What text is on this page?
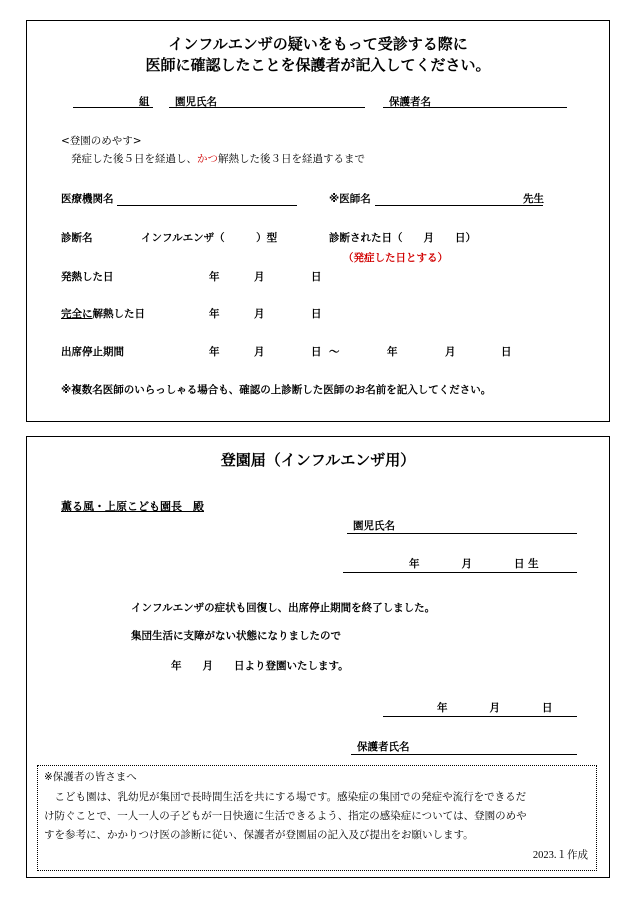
インフルエンザの疑いをもって受診する際に
医師に確認したことを保護者が記入してください。
組 園児氏名	保護者名
<登園のめやす>
発症した後５日を経過し、かつ解熱した後３日を経過するまで
医療機関名	※医師名	先生
診断名	インフルエンザ（　　　）型	診断された日（　　月　　日）
（発症した日とする）
発熱した日	年	月	日
完全に解熱した日	年	月	日
出席停止期間	年	月	日 ～	年	月	日
※複数名医師のいらっしゃる場合も、確認の上診断した医師のお名前を記入してください。
登園届（インフルエンザ用）
薫る風・上原こども園長　殿
園児氏名
年　　　　月　　　　日 生
インフルエンザの症状も回復し、出席停止期間を終了しました。
集団生活に支障がない状態になりましたので
年　　月　　日より登園いたします。
年　　　　月　　　　日
保護者氏名
※保護者の皆さまへ
　こども園は、乳幼児が集団で長時間生活を共にする場です。感染症の集団での発症や流行をできるだ
け防ぐことで、一人一人の子どもが一日快適に生活できるよう、指定の感染症については、登園のめや
すを参考に、かかりつけ医の診断に従い、保護者が登園届の記入及び提出をお願いします。
2023.１作成
